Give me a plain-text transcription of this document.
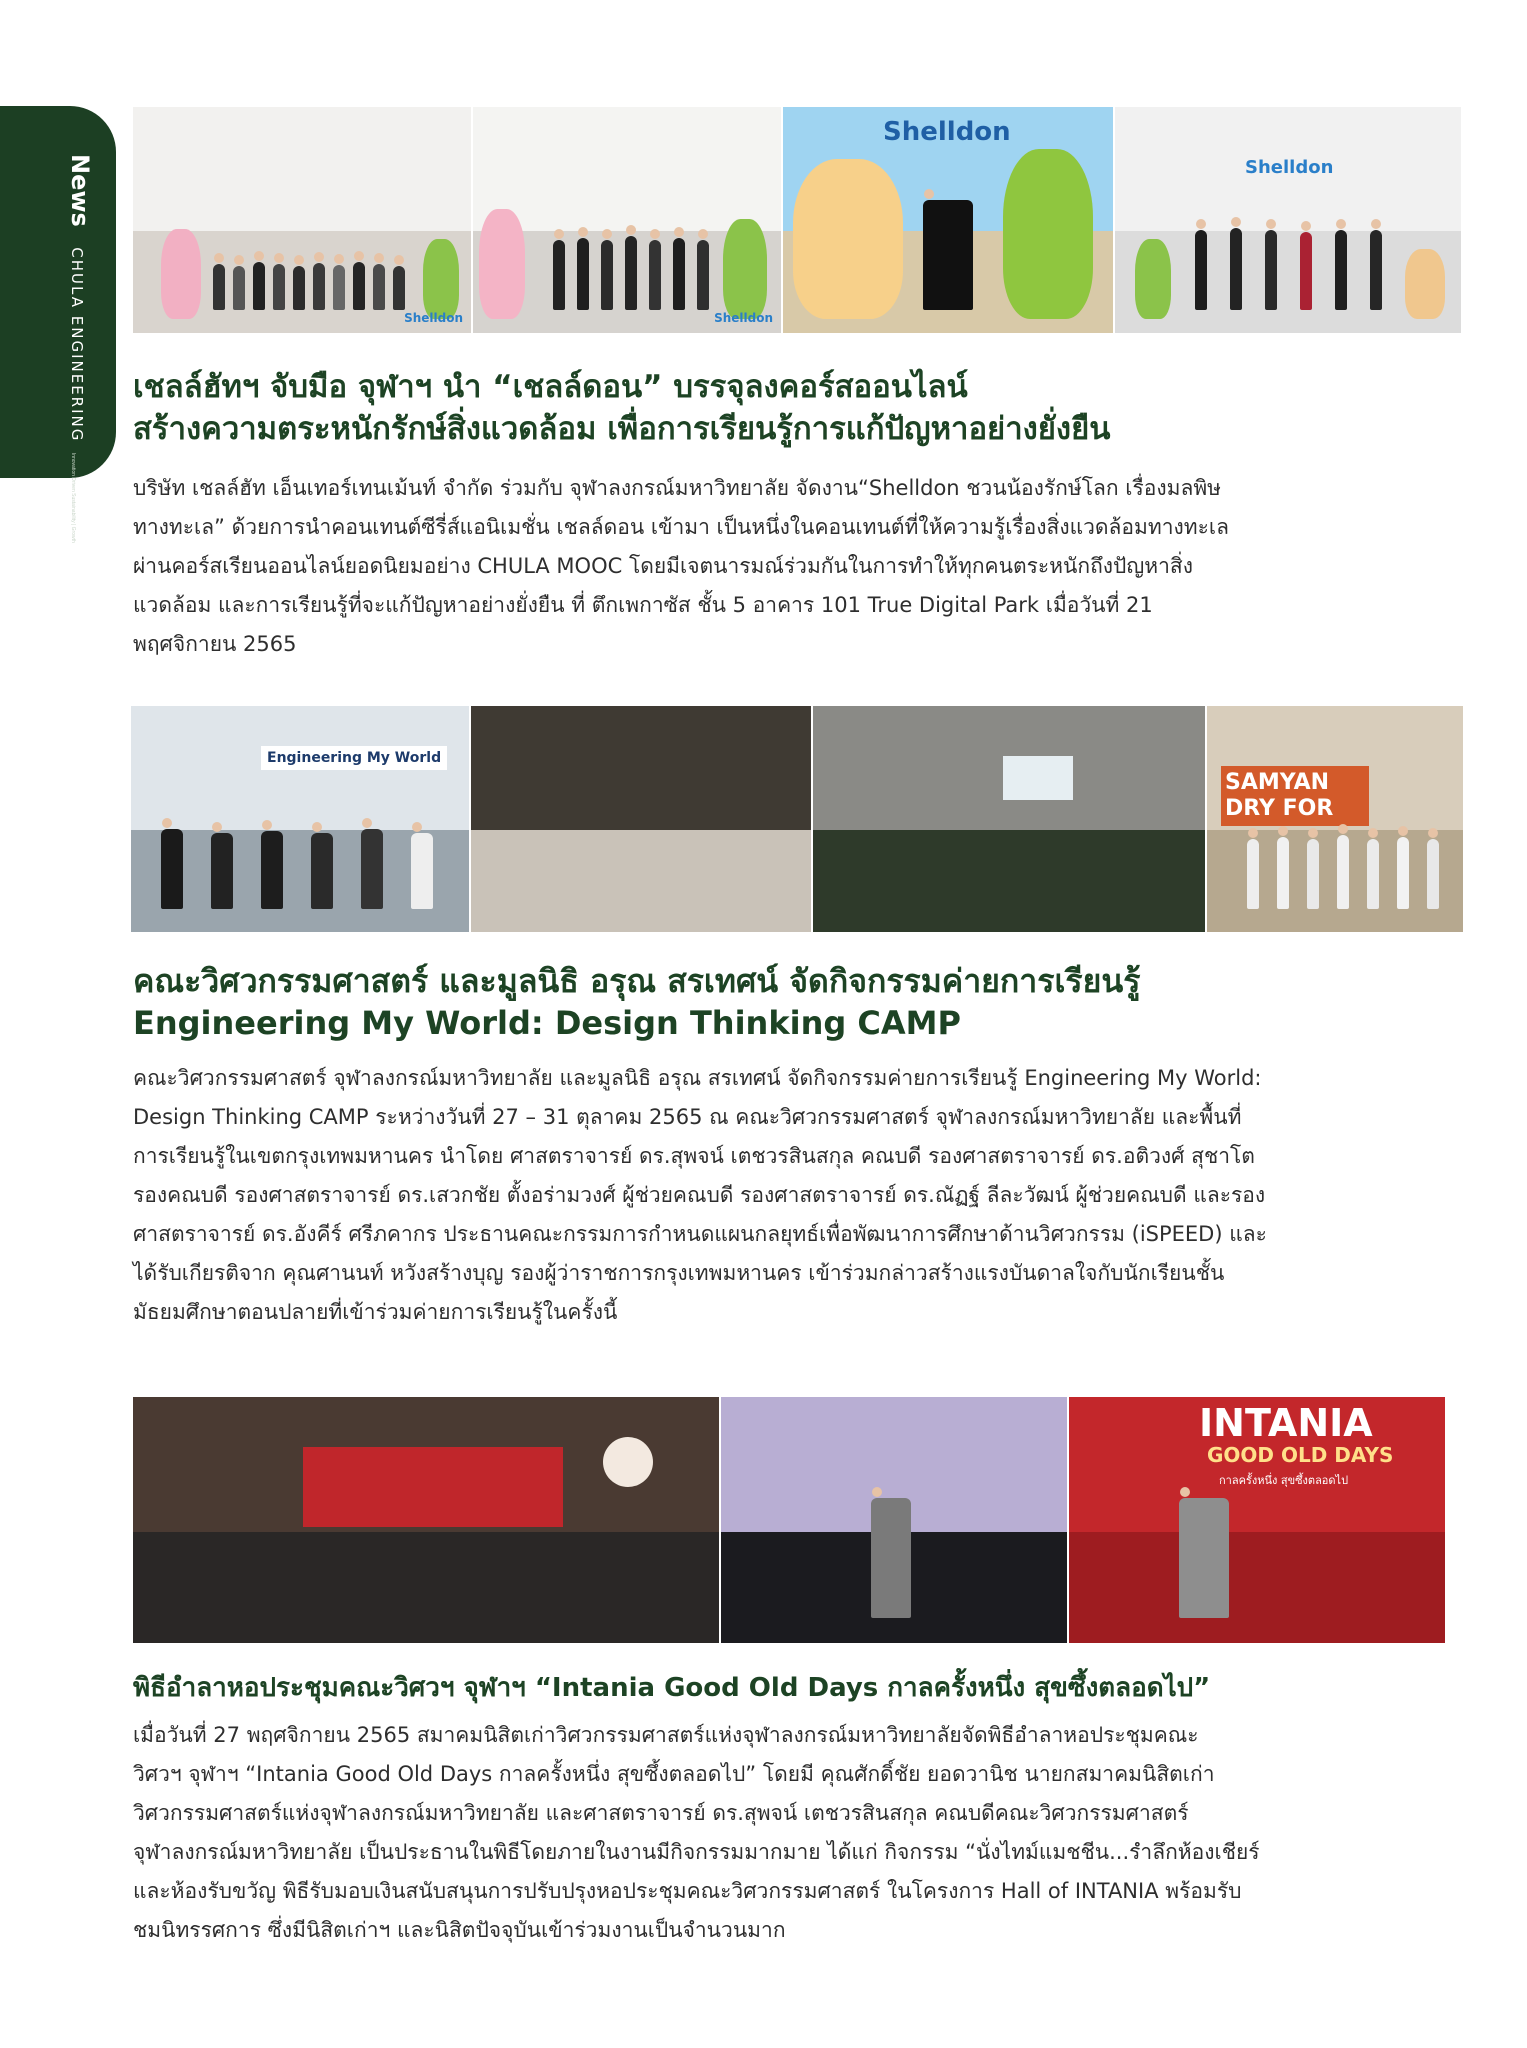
News CHULA ENGINEERING Innovation Driven Sustainability | Growth
Shelldon	Shelldon
Shelldon
Shelldon
เชลล์ฮัทฯ จับมือ จุฬาฯ นำ “เชลล์ดอน” บรรจุลงคอร์สออนไลน์
สร้างความตระหนักรักษ์สิ่งแวดล้อม เพื่อการเรียนรู้การแก้ปัญหาอย่างยั่งยืน
บริษัท เชลล์ฮัท เอ็นเทอร์เทนเม้นท์ จำกัด ร่วมกับ จุฬาลงกรณ์มหาวิทยาลัย จัดงาน“Shelldon ชวนน้องรักษ์โลก เรื่องมลพิษ
ทางทะเล” ด้วยการนำคอนเทนต์ซีรี่ส์แอนิเมชั่น เชลล์ดอน เข้ามา เป็นหนึ่งในคอนเทนต์ที่ให้ความรู้เรื่องสิ่งแวดล้อมทางทะเล
ผ่านคอร์สเรียนออนไลน์ยอดนิยมอย่าง CHULA MOOC โดยมีเจตนารมณ์ร่วมกันในการทำให้ทุกคนตระหนักถึงปัญหาสิ่ง
แวดล้อม และการเรียนรู้ที่จะแก้ปัญหาอย่างยั่งยืน ที่ ตึกเพกาซัส ชั้น 5 อาคาร 101 True Digital Park เมื่อวันที่ 21
พฤศจิกายน 2565
Engineering My World
SAMYAN DRY FOR
คณะวิศวกรรมศาสตร์ และมูลนิธิ อรุณ สรเทศน์ จัดกิจกรรมค่ายการเรียนรู้
Engineering My World: Design Thinking CAMP
คณะวิศวกรรมศาสตร์ จุฬาลงกรณ์มหาวิทยาลัย และมูลนิธิ อรุณ สรเทศน์ จัดกิจกรรมค่ายการเรียนรู้ Engineering My World:
Design Thinking CAMP ระหว่างวันที่ 27 – 31 ตุลาคม 2565 ณ คณะวิศวกรรมศาสตร์ จุฬาลงกรณ์มหาวิทยาลัย และพื้นที่
การเรียนรู้ในเขตกรุงเทพมหานคร นำโดย ศาสตราจารย์ ดร.สุพจน์ เตชวรสินสกุล คณบดี รองศาสตราจารย์ ดร.อติวงศ์ สุชาโต
รองคณบดี รองศาสตราจารย์ ดร.เสวกชัย ตั้งอร่ามวงศ์ ผู้ช่วยคณบดี รองศาสตราจารย์ ดร.ณัฏฐ์ ลีละวัฒน์ ผู้ช่วยคณบดี และรอง
ศาสตราจารย์ ดร.อังคีร์ ศรีภคากร ประธานคณะกรรมการกำหนดแผนกลยุทธ์เพื่อพัฒนาการศึกษาด้านวิศวกรรม (iSPEED) และ
ได้รับเกียรติจาก คุณศานนท์ หวังสร้างบุญ รองผู้ว่าราชการกรุงเทพมหานคร เข้าร่วมกล่าวสร้างแรงบันดาลใจกับนักเรียนชั้น
มัธยมศึกษาตอนปลายที่เข้าร่วมค่ายการเรียนรู้ในครั้งนี้
INTANIA
GOOD OLD DAYS
กาลครั้งหนึ่ง สุขซึ้งตลอดไป
พิธีอำลาหอประชุมคณะวิศวฯ จุฬาฯ “Intania Good Old Days กาลครั้งหนึ่ง สุขซึ้งตลอดไป”
เมื่อวันที่ 27 พฤศจิกายน 2565 สมาคมนิสิตเก่าวิศวกรรมศาสตร์แห่งจุฬาลงกรณ์มหาวิทยาลัยจัดพิธีอำลาหอประชุมคณะ
วิศวฯ จุฬาฯ “Intania Good Old Days กาลครั้งหนึ่ง สุขซึ้งตลอดไป” โดยมี คุณศักดิ์ชัย ยอดวานิช นายกสมาคมนิสิตเก่า
วิศวกรรมศาสตร์แห่งจุฬาลงกรณ์มหาวิทยาลัย และศาสตราจารย์ ดร.สุพจน์ เตชวรสินสกุล คณบดีคณะวิศวกรรมศาสตร์
จุฬาลงกรณ์มหาวิทยาลัย เป็นประธานในพิธีโดยภายในงานมีกิจกรรมมากมาย ได้แก่ กิจกรรม “นั่งไทม์แมชชีน...รำลึกห้องเชียร์
และห้องรับขวัญ พิธีรับมอบเงินสนับสนุนการปรับปรุงหอประชุมคณะวิศวกรรมศาสตร์ ในโครงการ Hall of INTANIA พร้อมรับ
ชมนิทรรศการ ซึ่งมีนิสิตเก่าฯ และนิสิตปัจจุบันเข้าร่วมงานเป็นจำนวนมาก
